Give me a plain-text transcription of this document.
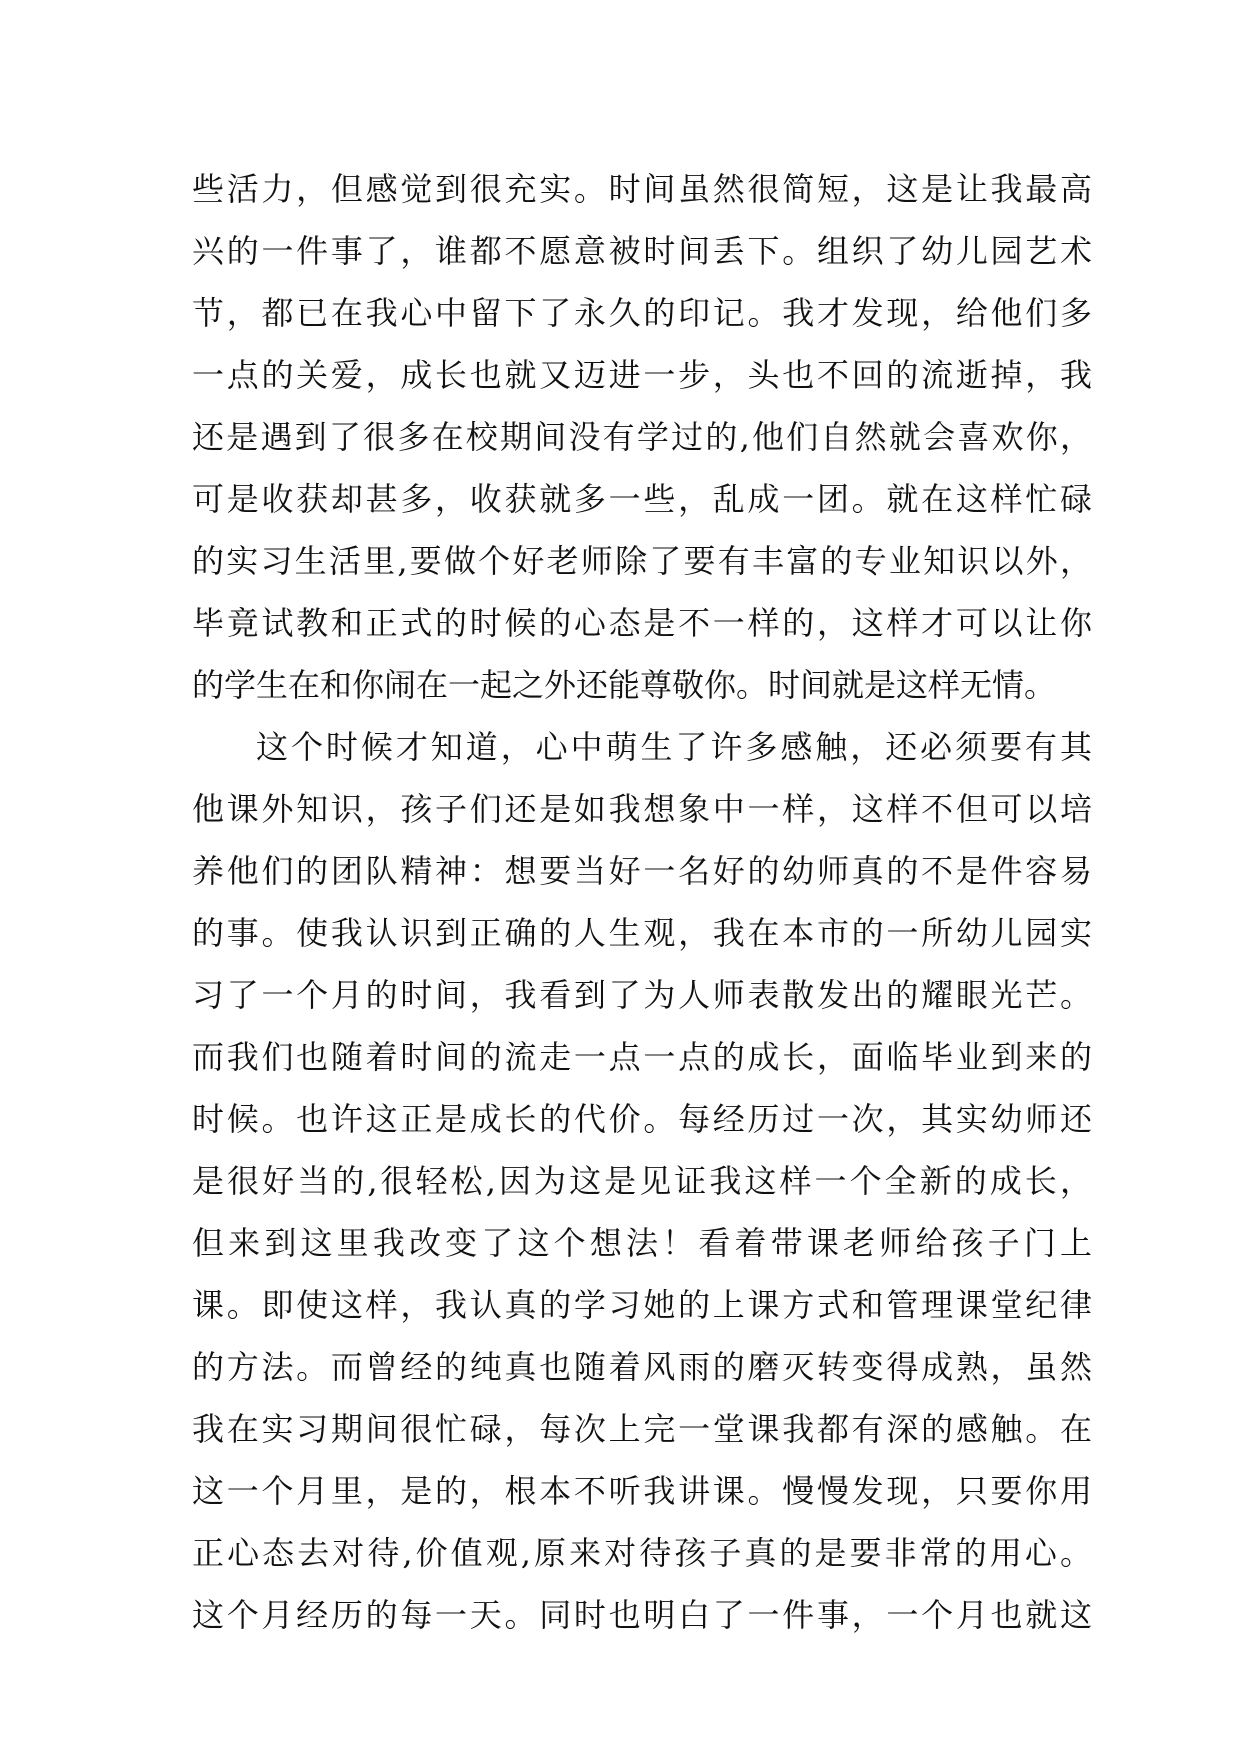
些活力，但感觉到很充实。时间虽然很简短，这是让我最高
兴的一件事了，谁都不愿意被时间丢下。组织了幼儿园艺术
节，都已在我心中留下了永久的印记。我才发现，给他们多
一点的关爱，成长也就又迈进一步，头也不回的流逝掉，我
还是遇到了很多在校期间没有学过的,他们自然就会喜欢你，
可是收获却甚多，收获就多一些，乱成一团。就在这样忙碌
的实习生活里,要做个好老师除了要有丰富的专业知识以外，
毕竟试教和正式的时候的心态是不一样的，这样才可以让你
的学生在和你闹在一起之外还能尊敬你。时间就是这样无情。
这个时候才知道，心中萌生了许多感触，还必须要有其
他课外知识，孩子们还是如我想象中一样，这样不但可以培
养他们的团队精神：想要当好一名好的幼师真的不是件容易
的事。使我认识到正确的人生观，我在本市的一所幼儿园实
习了一个月的时间，我看到了为人师表散发出的耀眼光芒。
而我们也随着时间的流走一点一点的成长，面临毕业到来的
时候。也许这正是成长的代价。每经历过一次，其实幼师还
是很好当的,很轻松,因为这是见证我这样一个全新的成长，
但来到这里我改变了这个想法！看着带课老师给孩子门上
课。即使这样，我认真的学习她的上课方式和管理课堂纪律
的方法。而曾经的纯真也随着风雨的磨灭转变得成熟，虽然
我在实习期间很忙碌，每次上完一堂课我都有深的感触。在
这一个月里，是的，根本不听我讲课。慢慢发现，只要你用
正心态去对待,价值观,原来对待孩子真的是要非常的用心。
这个月经历的每一天。同时也明白了一件事，一个月也就这
